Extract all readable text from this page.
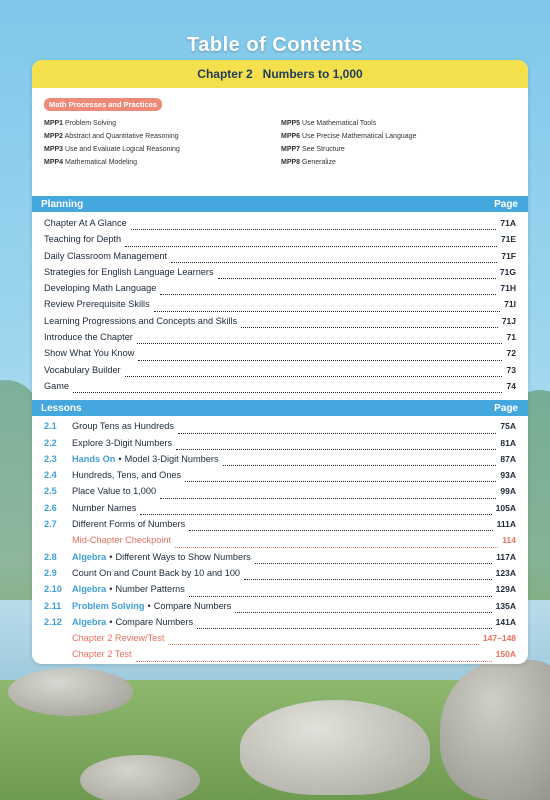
Table of Contents
Chapter 2 Numbers to 1,000
Math Processes and Practices
MPP1 Problem Solving
MPP2 Abstract and Quantitative Reasoning
MPP3 Use and Evaluate Logical Reasoning
MPP4 Mathematical Modeling
MPP5 Use Mathematical Tools
MPP6 Use Precise Mathematical Language
MPP7 See Structure
MPP8 Generalize
Planning	Page
Chapter At A Glance	71A
Teaching for Depth	71E
Daily Classroom Management	71F
Strategies for English Language Learners	71G
Developing Math Language	71H
Review Prerequisite Skills	71I
Learning Progressions and Concepts and Skills	71J
Introduce the Chapter	71
Show What You Know	72
Vocabulary Builder	73
Game	74
Lessons	Page
2.1	Group Tens as Hundreds	75A
2.2	Explore 3-Digit Numbers	81A
2.3	Hands On • Model 3-Digit Numbers	87A
2.4	Hundreds, Tens, and Ones	93A
2.5	Place Value to 1,000	99A
2.6	Number Names	105A
2.7	Different Forms of Numbers	111A
Mid-Chapter Checkpoint	114
2.8	Algebra • Different Ways to Show Numbers	117A
2.9	Count On and Count Back by 10 and 100	123A
2.10	Algebra • Number Patterns	129A
2.11	Problem Solving • Compare Numbers	135A
2.12	Algebra • Compare Numbers	141A
Chapter 2 Review/Test	147–148
Chapter 2 Test	150A
